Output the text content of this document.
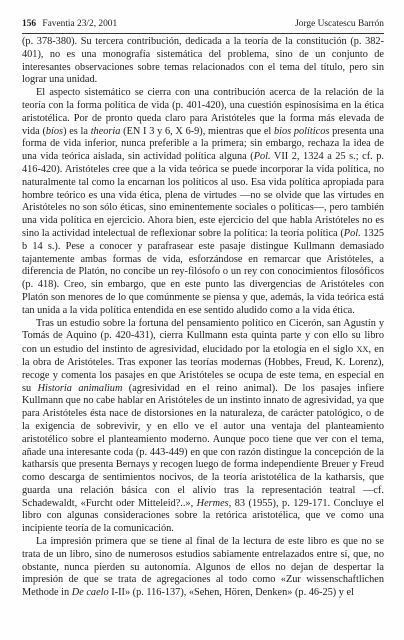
156 Faventia 23/2, 2001	Jorge Uscatescu Barrón

(p. 378-380). Su tercera contribución, dedicada a la teoría de la constitución (p. 382-401), no es una monografía sistemática del problema, sino de un conjunto de interesantes observaciones sobre temas relacionados con el tema del título, pero sin lograr una unidad.

El aspecto sistemático se cierra con una contribución acerca de la relación de la teoría con la forma política de vida (p. 401-420), una cuestión espinosísima en la ética aristotélica. Por de pronto queda claro para Aristóteles que la forma más elevada de vida (bíos) es la theoria (EN I 3 y 6, X 6-9), mientras que el bios políticos presenta una forma de vida inferior, nunca preferible a la primera; sin embargo, rechaza la idea de una vida teórica aislada, sin actividad política alguna (Pol. VII 2, 1324 a 25 s.; cf. p. 416-420). Aristóteles cree que a la vida teórica se puede incorporar la vida política, no naturalmente tal como la encarnan los políticos al uso. Esa vida política apropiada para hombre teórico es una vida ética, plena de virtudes —no se olvide que las virtudes en Aristóteles no son sólo éticas, sino eminentemente sociales o políticas—, pero también una vida política en ejercicio. Ahora bien, este ejercicio del que habla Aristóteles no es sino la actividad intelectual de reflexionar sobre la política: la teoría política (Pol. 1325 b 14 s.). Pese a conocer y parafrasear este pasaje distingue Kullmann demasiado tajantemente ambas formas de vida, esforzándose en remarcar que Aristóteles, a diferencia de Platón, no concibe un rey-filósofo o un rey con conocimientos filosóficos (p. 418). Creo, sin embargo, que en este punto las divergencias de Aristóteles con Platón son menores de lo que comúnmente se piensa y que, además, la vida teórica está tan unida a la vida política entendida en ese sentido aludido como a la vida ética.

Tras un estudio sobre la fortuna del pensamiento político en Cicerón, san Agustín y Tomás de Aquino (p. 420-431), cierra Kullmann esta quinta parte y con ello su libro con un estudio del instinto de agresividad, elucidado por la etología en el siglo XX, en la obra de Aristóteles. Tras exponer las teorías modernas (Hobbes, Freud, K. Lorenz), recoge y comenta los pasajes en que Aristóteles se ocupa de este tema, en especial en su Historia animalium (agresividad en el reino animal). De los pasajes infiere Kullmann que no cabe hablar en Aristóteles de un instinto innato de agresividad, ya que para Aristóteles ésta nace de distorsiones en la naturaleza, de carácter patológico, o de la exigencia de sobrevivir, y en ello ve el autor una ventaja del planteamiento aristotélico sobre el planteamiento moderno. Aunque poco tiene que ver con el tema, añade una interesante coda (p. 443-449) en que con razón distingue la concepción de la katharsis que presenta Bernays y recogen luego de forma independiente Breuer y Freud como descarga de sentimientos nocivos, de la teoría aristotélica de la katharsis, que guarda una relación básica con el alivio tras la representación teatral —cf. Schadewaldt, «Furcht oder Mitteleid?..», Hermes, 83 (1955), p. 129-171. Concluye el libro con algunas consideraciones sobre la retórica aristotélica, que ve como una incipiente teoría de la comunicación.

La impresión primera que se tiene al final de la lectura de este libro es que no se trata de un libro, sino de numerosos estudios sabiamente entrelazados entre sí, que, no obstante, nunca pierden su autonomía. Algunos de ellos no dejan de despertar la impresión de que se trata de agregaciones al todo como «Zur wissenschaftlichen Methode in De caelo I-II» (p. 116-137), «Sehen, Hören, Denken» (p. 46-25) y el
